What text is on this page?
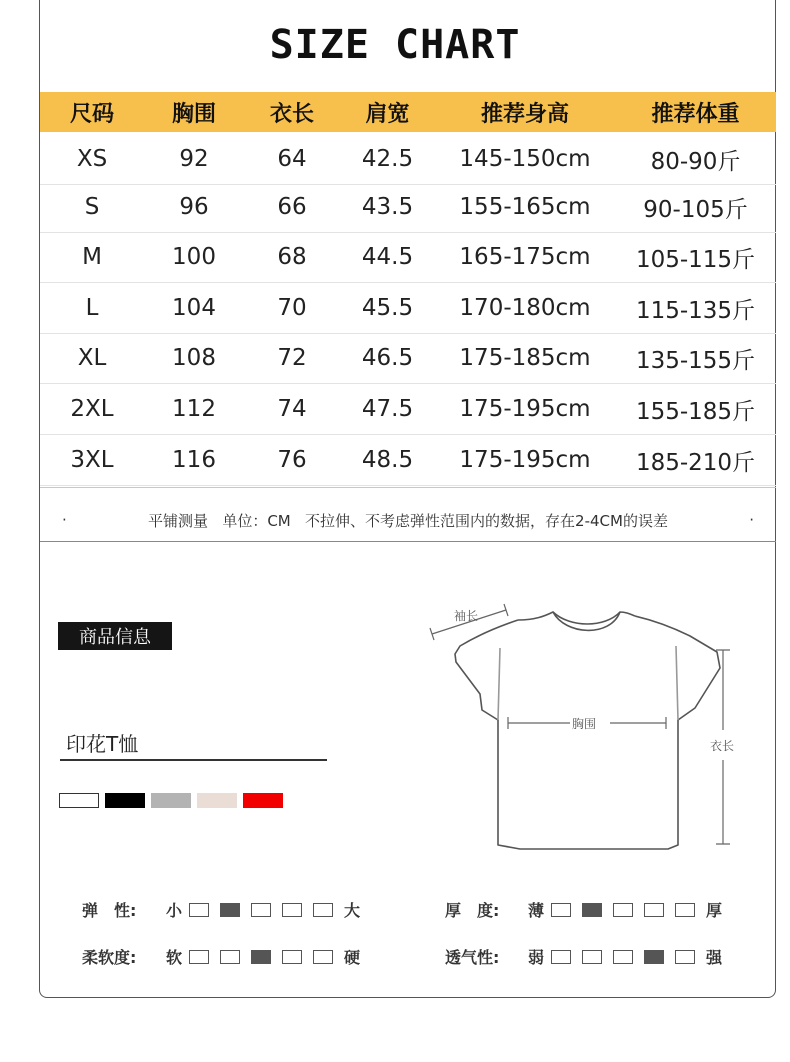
SIZE CHART
尺码	胸围	衣长	肩宽	推荐身高	推荐体重
XS	92	64	42.5	145-150cm	80-90斤
S	96	66	43.5	155-165cm	90-105斤
M	100	68	44.5	165-175cm	105-115斤
L	104	70	45.5	170-180cm	115-135斤
XL	108	72	46.5	175-185cm	135-155斤
2XL	112	74	47.5	175-195cm	155-185斤
3XL	116	76	48.5	175-195cm	185-210斤
·	平铺测量   单位：CM   不拉伸、不考虑弹性范围内的数据，存在2-4CM的误差	·
商品信息
印花T恤
袖长
胸围
衣长
弹　性: 小	大	厚　度: 薄	厚
柔软度: 软	硬	透气性: 弱	强
